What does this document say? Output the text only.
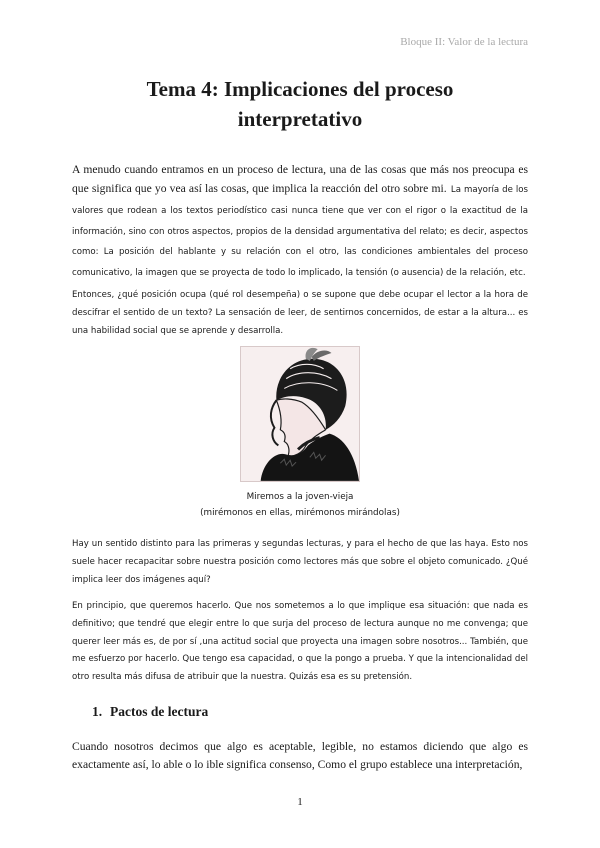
Bloque II: Valor de la lectura
Tema 4: Implicaciones del proceso interpretativo

A menudo cuando entramos en un proceso de lectura, una de las cosas que más nos preocupa es que significa que yo vea así las cosas, que implica la reacción del otro sobre mi. La mayoría de los valores que rodean a los textos periodístico casi nunca tiene que ver con el rigor o la exactitud de la información, sino con otros aspectos, propios de la densidad argumentativa del relato; es decir, aspectos como: La posición del hablante y su relación con el otro, las condiciones ambientales del proceso comunicativo, la imagen que se proyecta de todo lo implicado, la tensión (o ausencia) de la relación, etc.

Entonces, ¿qué posición ocupa (qué rol desempeña) o se supone que debe ocupar el lector a la hora de descifrar el sentido de un texto? La sensación de leer, de sentirnos concernidos, de estar a la altura... es una habilidad social que se aprende y desarrolla.

Miremos a la joven-vieja
(mirémonos en ellas, mirémonos mirándolas)

Hay un sentido distinto para las primeras y segundas lecturas, y para el hecho de que las haya. Esto nos suele hacer recapacitar sobre nuestra posición como lectores más que sobre el objeto comunicado. ¿Qué implica leer dos imágenes aquí?

En principio, que queremos hacerlo. Que nos sometemos a lo que implique esa situación: que nada es definitivo; que tendré que elegir entre lo que surja del proceso de lectura aunque no me convenga; que querer leer más es, de por sí ,una actitud social que proyecta una imagen sobre nosotros... También, que me esfuerzo por hacerlo. Que tengo esa capacidad, o que la pongo a prueba. Y que la intencionalidad del otro resulta más difusa de atribuir que la nuestra. Quizás esa es su pretensión.

1. Pactos de lectura

Cuando nosotros decimos que algo es aceptable, legible, no estamos diciendo que algo es exactamente así, lo able o lo ible significa consenso, Como el grupo establece una interpretación,

1
